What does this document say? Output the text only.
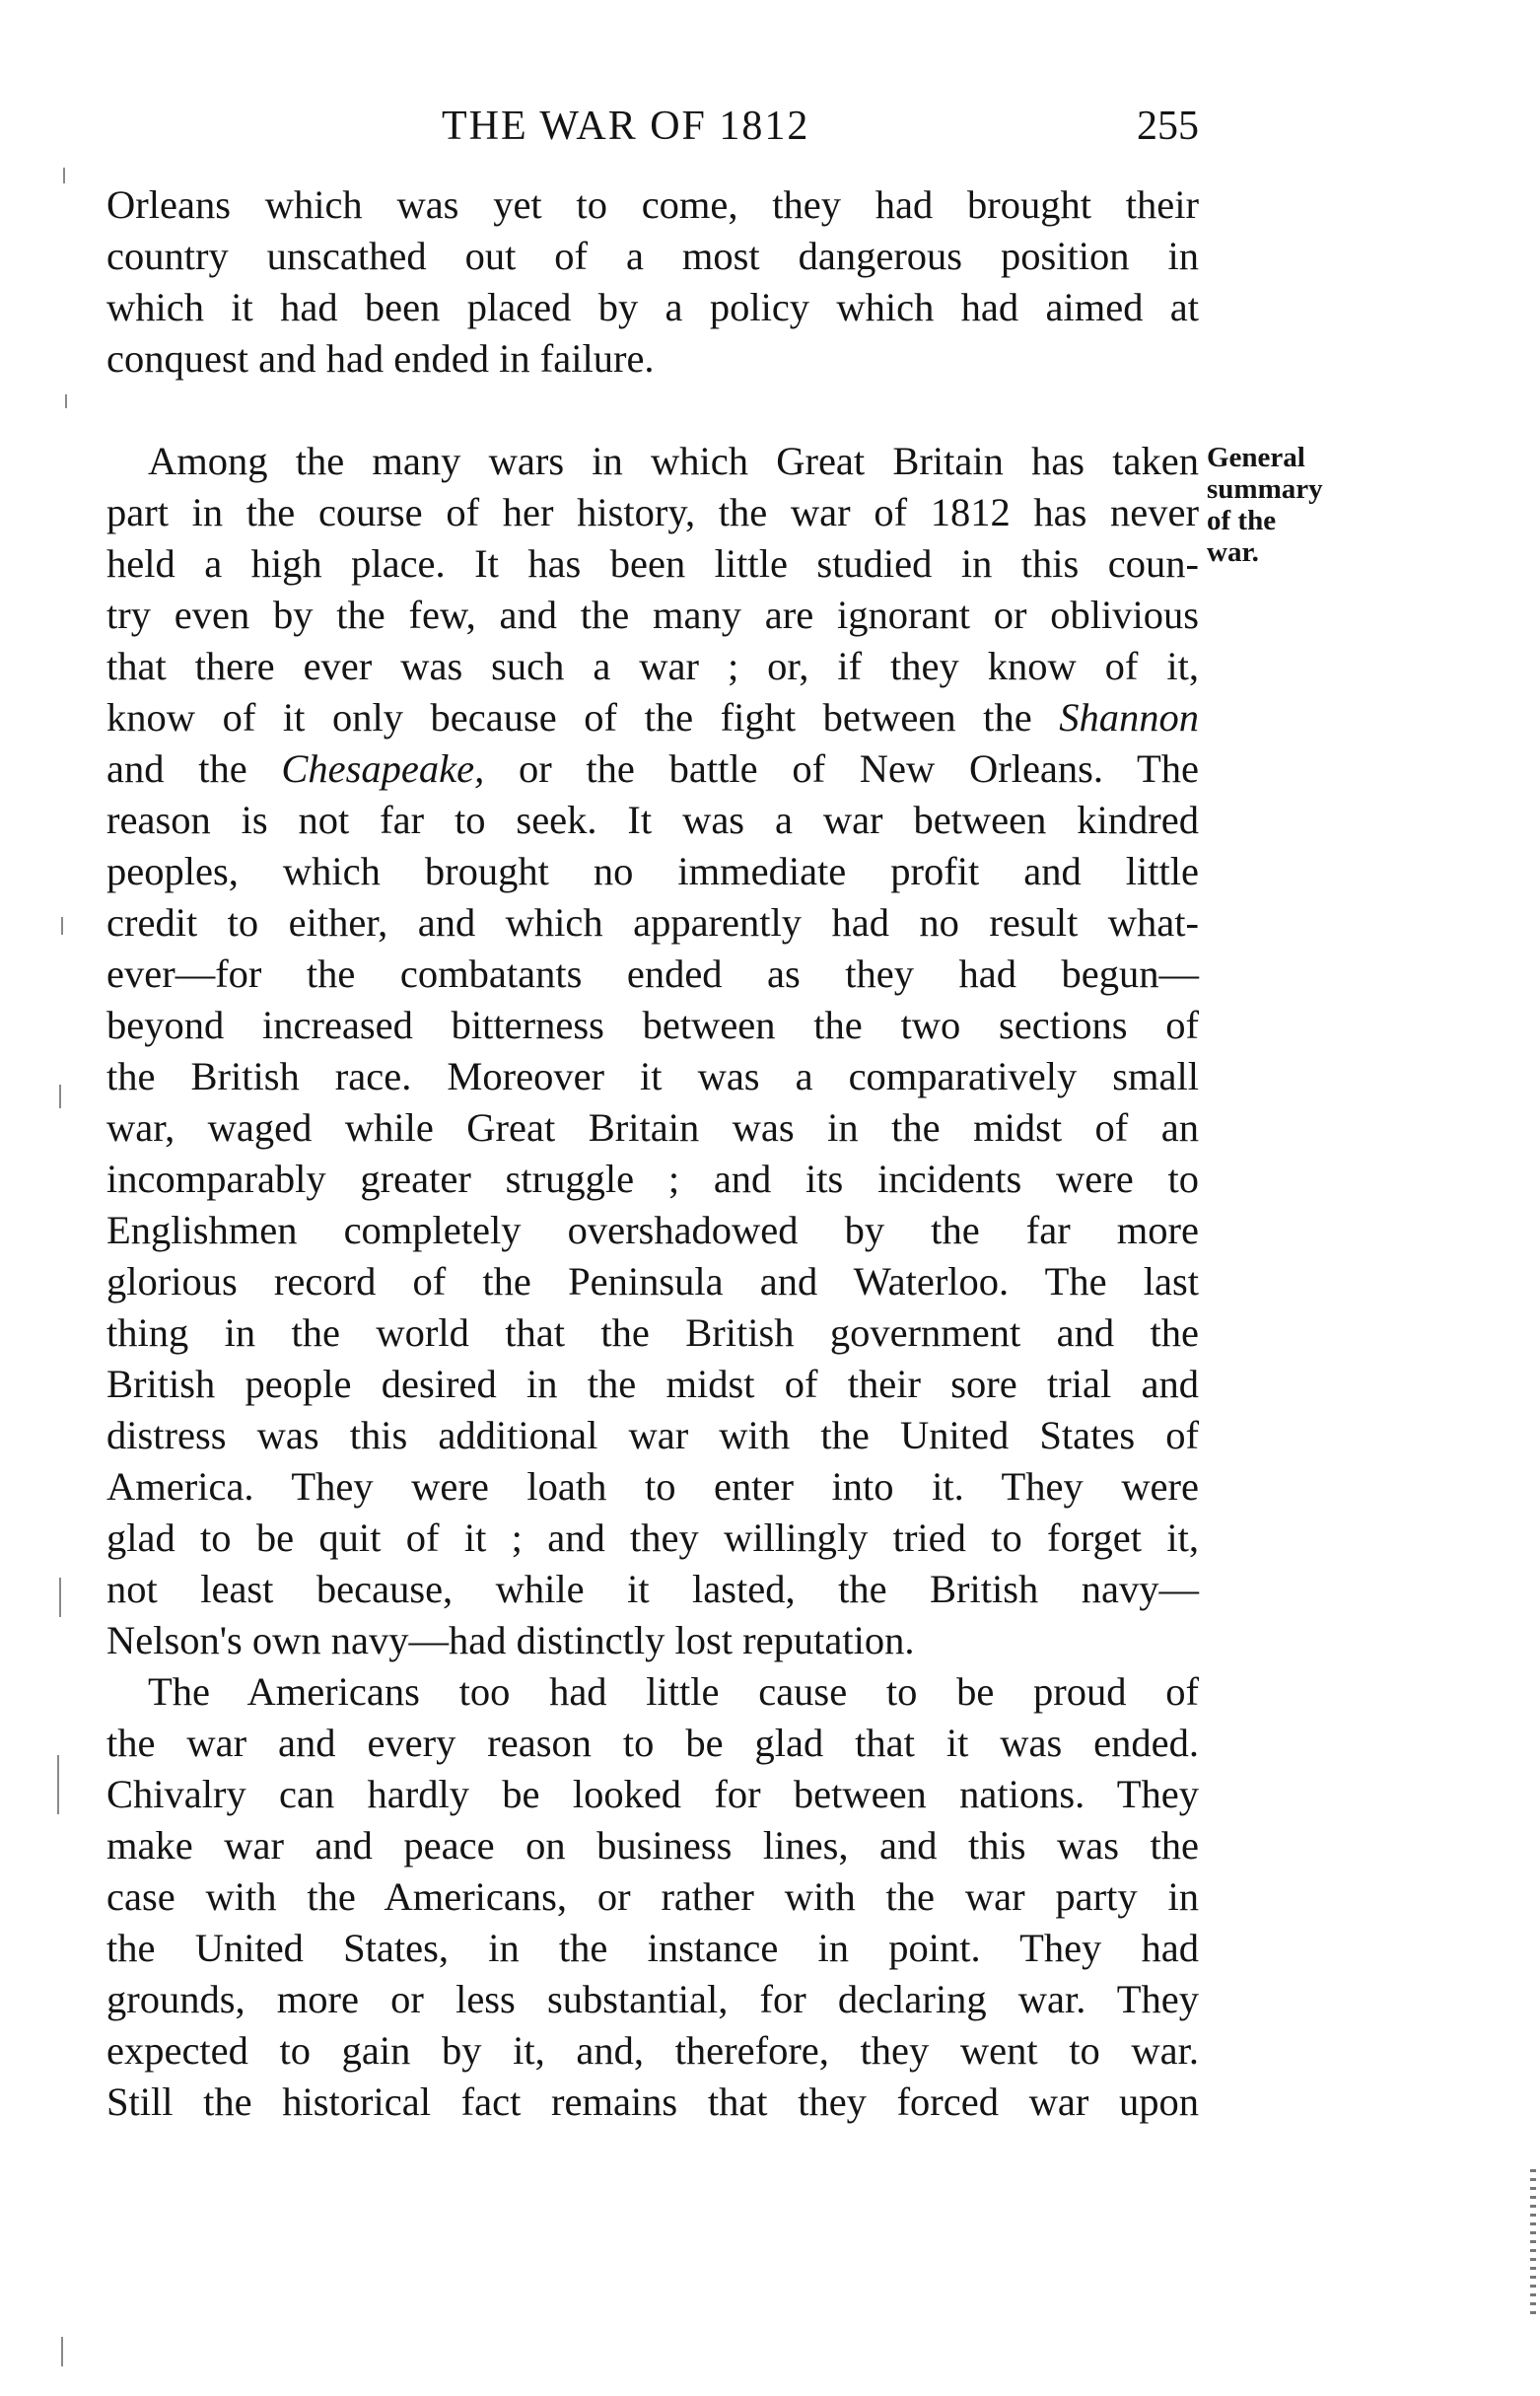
THE WAR OF 1812	255
General
summary
of the
war.
Orleans which was yet to come, they had brought their
country unscathed out of a most dangerous position in
which it had been placed by a policy which had aimed at
conquest and had ended in failure.
Among the many wars in which Great Britain has taken
part in the course of her history, the war of 1812 has never
held a high place. It has been little studied in this coun-
try even by the few, and the many are ignorant or oblivious
that there ever was such a war ; or, if they know of it,
know of it only because of the fight between the Shannon
and the Chesapeake, or the battle of New Orleans. The
reason is not far to seek. It was a war between kindred
peoples, which brought no immediate profit and little
credit to either, and which apparently had no result what-
ever—for the combatants ended as they had begun—
beyond increased bitterness between the two sections of
the British race. Moreover it was a comparatively small
war, waged while Great Britain was in the midst of an
incomparably greater struggle ; and its incidents were to
Englishmen completely overshadowed by the far more
glorious record of the Peninsula and Waterloo. The last
thing in the world that the British government and the
British people desired in the midst of their sore trial and
distress was this additional war with the United States of
America. They were loath to enter into it. They were
glad to be quit of it ; and they willingly tried to forget it,
not least because, while it lasted, the British navy—
Nelson's own navy—had distinctly lost reputation.
The Americans too had little cause to be proud of
the war and every reason to be glad that it was ended.
Chivalry can hardly be looked for between nations. They
make war and peace on business lines, and this was the
case with the Americans, or rather with the war party in
the United States, in the instance in point. They had
grounds, more or less substantial, for declaring war. They
expected to gain by it, and, therefore, they went to war.
Still the historical fact remains that they forced war upon
